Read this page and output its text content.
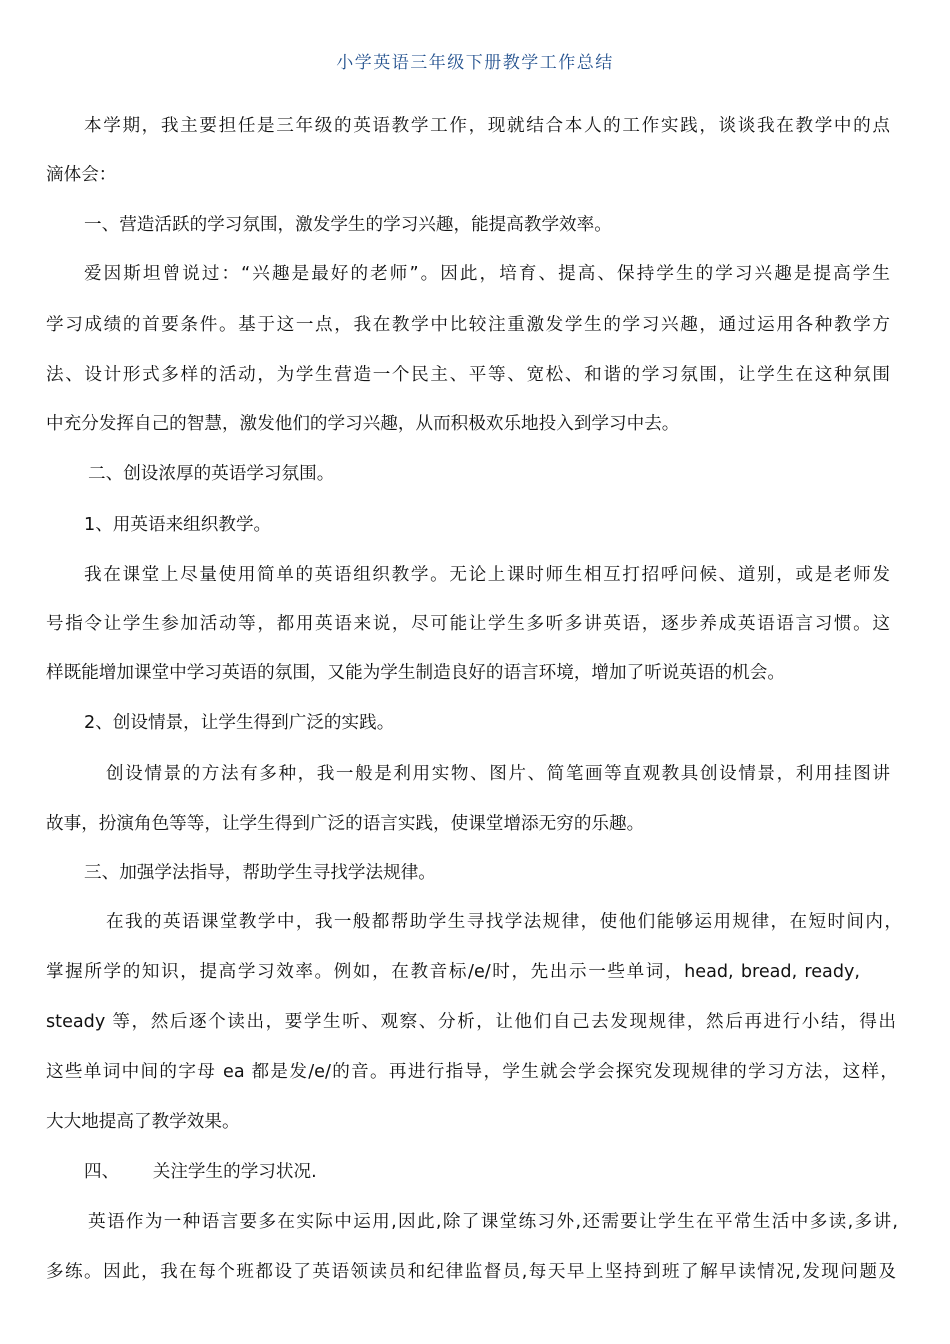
小学英语三年级下册教学工作总结
本学期，我主要担任是三年级的英语教学工作，现就结合本人的工作实践，谈谈我在教学中的点
滴体会：
一、营造活跃的学习氛围，激发学生的学习兴趣，能提高教学效率。
爱因斯坦曾说过：“兴趣是最好的老师”。因此，培育、提高、保持学生的学习兴趣是提高学生
学习成绩的首要条件。基于这一点，我在教学中比较注重激发学生的学习兴趣，通过运用各种教学方
法、设计形式多样的活动，为学生营造一个民主、平等、宽松、和谐的学习氛围，让学生在这种氛围
中充分发挥自己的智慧，激发他们的学习兴趣，从而积极欢乐地投入到学习中去。
二、创设浓厚的英语学习氛围。
1、用英语来组织教学。
我在课堂上尽量使用简单的英语组织教学。无论上课时师生相互打招呼问候、道别，或是老师发
号指令让学生参加活动等，都用英语来说，尽可能让学生多听多讲英语，逐步养成英语语言习惯。这
样既能增加课堂中学习英语的氛围，又能为学生制造良好的语言环境，增加了听说英语的机会。
2、创设情景，让学生得到广泛的实践。
创设情景的方法有多种，我一般是利用实物、图片、简笔画等直观教具创设情景，利用挂图讲
故事，扮演角色等等，让学生得到广泛的语言实践，使课堂增添无穷的乐趣。
三、加强学法指导，帮助学生寻找学法规律。
在我的英语课堂教学中，我一般都帮助学生寻找学法规律，使他们能够运用规律，在短时间内，
掌握所学的知识，提高学习效率。例如，在教音标/e/时，先出示一些单词，head, bread, ready,
steady 等，然后逐个读出，要学生听、观察、分析，让他们自己去发现规律，然后再进行小结，得出
这些单词中间的字母 ea 都是发/e/的音。再进行指导，学生就会学会探究发现规律的学习方法，这样，
大大地提高了教学效果。
四、      关注学生的学习状况.
英语作为一种语言要多在实际中运用,因此,除了课堂练习外,还需要让学生在平常生活中多读,多讲,
多练。因此，我在每个班都设了英语领读员和纪律监督员,每天早上坚持到班了解早读情况,发现问题及
